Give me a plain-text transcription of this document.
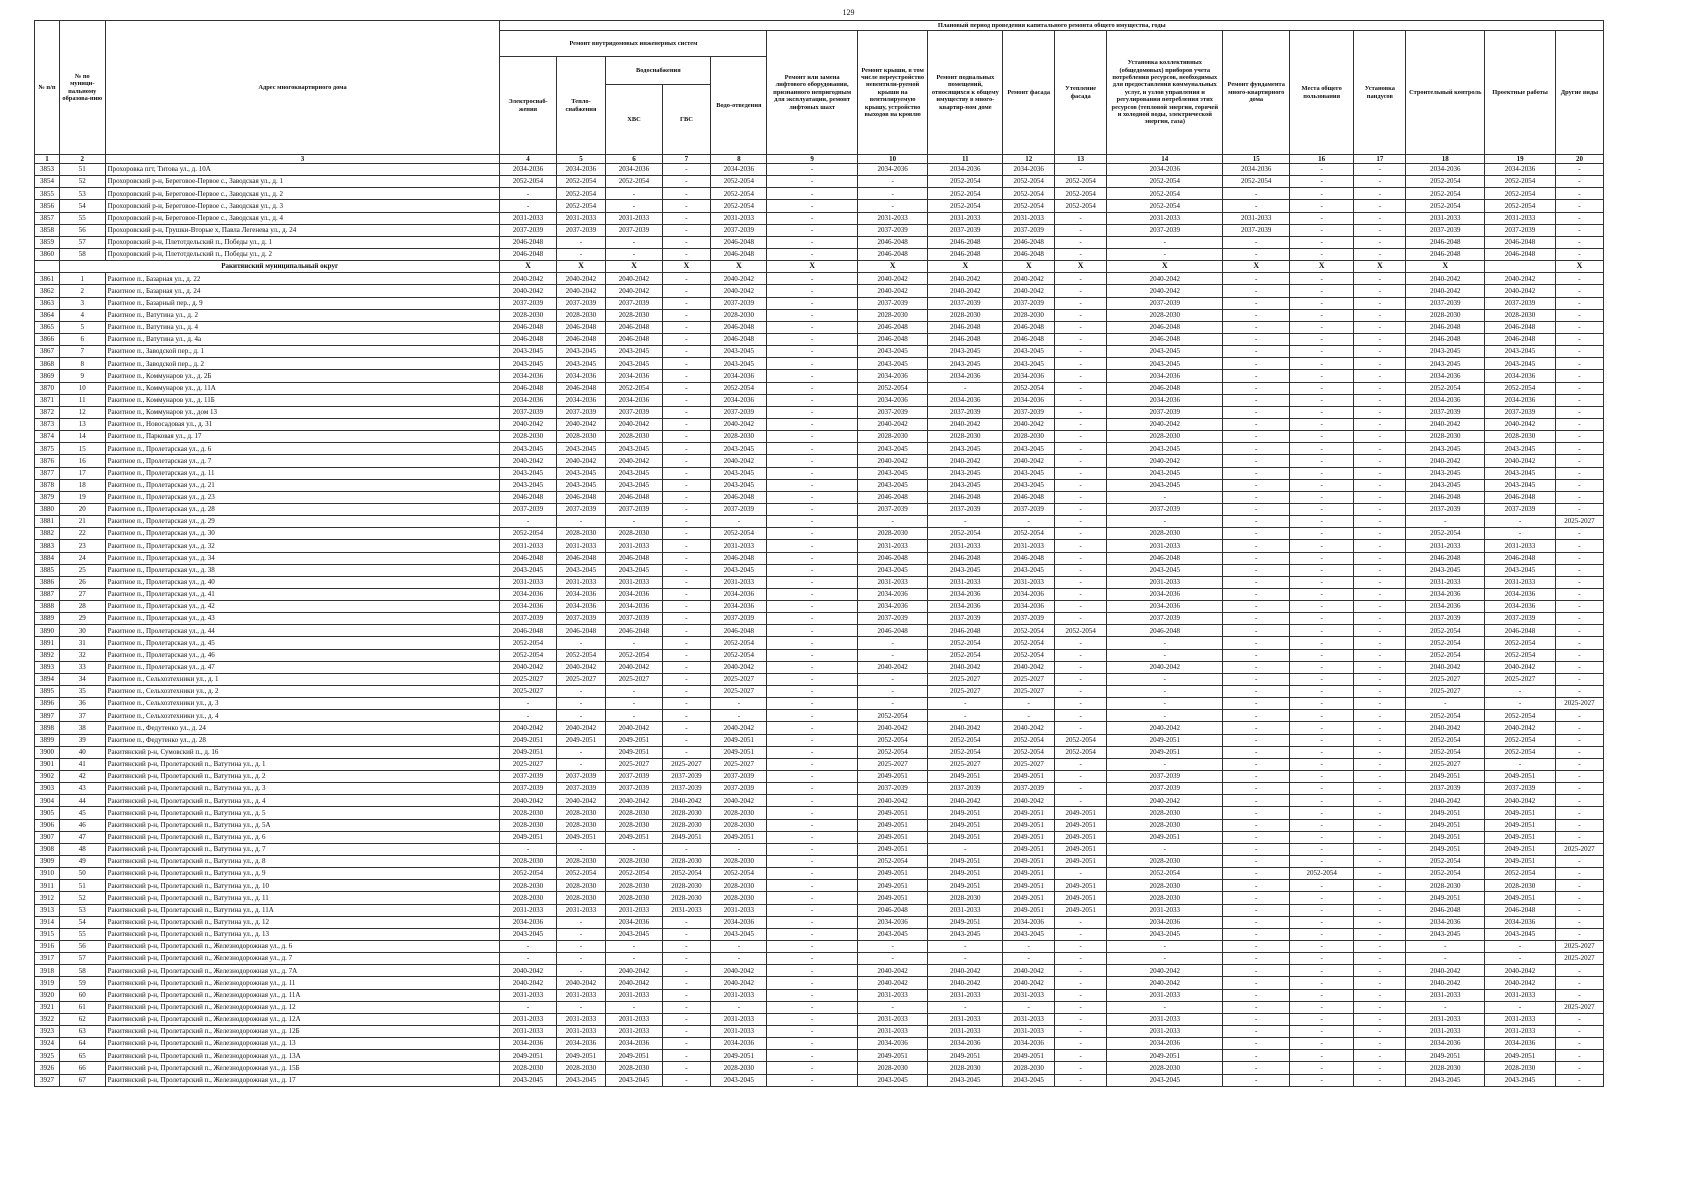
129
№ п/п	№ по муници-пальному образова-нию	Адрес многоквартирного дома	Плановый период проведения капитального ремонта общего имущества, годы																
			Ремонт внутридомовых инженерных систем					Ремонт или замена лифтового оборудования, признанного непригодным для эксплуатации, ремонт лифтовых шахт	Ремонт крыши, в том числе переустройство невентили-руемой крыши на вентилируемую крышу, устройство выходов на кровлю	Ремонт подвальных помещений, относящихся к общему имуществу в много-квартир-ном доме	Ремонт фасада	Утепление фасада	Установка коллективных (общедомовых) приборов учета потребления ресурсов, необходимых для предоставления коммунальных услуг, и узлов управления и регулирования потребления этих ресурсов (тепловой энергии, горячей и холодной воды, электрической энергии, газа)	Ремонт фундамента много-квартирного дома	Места общего пользования	Установка пандусов	Строительный контроль	Проектные работы	Другие виды
			Электроснаб-жения	Тепло-снабжения	Водоснабжения		Водо-отведения												
					ХВС	ГВС													
1	2	3	4	5	6	7	8	9	10	11	12	13	14	15	16	17	18	19	20
3853	51	Прохоровка пгт, Титова ул., д. 10А	2034-2036	2034-2036	2034-2036	-	2034-2036	-	2034-2036	2034-2036	2034-2036	-	2034-2036	2034-2036	-	-	2034-2036	2034-2036	-
3854	52	Прохоровский р-н, Береговое-Первое с., Заводская ул., д. 1	2052-2054	2052-2054	2052-2054	-	2052-2054	-	-	2052-2054	2052-2054	2052-2054	2052-2054	2052-2054	-	-	2052-2054	2052-2054	-
3855	53	Прохоровский р-н, Береговое-Первое с., Заводская ул., д. 2	-	2052-2054	-	-	2052-2054	-	-	2052-2054	2052-2054	2052-2054	2052-2054	-	-	-	2052-2054	2052-2054	-
3856	54	Прохоровский р-н, Береговое-Первое с., Заводская ул., д. 3	-	2052-2054	-	-	2052-2054	-	-	2052-2054	2052-2054	2052-2054	2052-2054	-	-	-	2052-2054	2052-2054	-
3857	55	Прохоровский р-н, Береговое-Первое с., Заводская ул., д. 4	2031-2033	2031-2033	2031-2033	-	2031-2033	-	2031-2033	2031-2033	2031-2033	-	2031-2033	2031-2033	-	-	2031-2033	2031-2033	-
3858	56	Прохоровский р-н, Грушки-Вторые х, Павла Легенева ул., д. 24	2037-2039	2037-2039	2037-2039	-	2037-2039	-	2037-2039	2037-2039	2037-2039	-	2037-2039	2037-2039	-	-	2037-2039	2037-2039	-
3859	57	Прохоровский р-н, Плетотдельский п., Победы ул., д. 1	2046-2048	-	-	-	2046-2048	-	2046-2048	2046-2048	2046-2048	-	-	-	-	-	2046-2048	2046-2048	-
3860	58	Прохоровский р-н, Плетотдельский п., Победы ул., д. 2	2046-2048	-	-	-	2046-2048	-	2046-2048	2046-2048	2046-2048	-	-	-	-	-	2046-2048	2046-2048	-
	Ракитянский муниципальный округ		X	X	X	X	X	X	X	X	X	X	X	X	X	X	X		X
3861	1	Ракитное п., Базарная ул., д. 22	2040-2042	2040-2042	2040-2042	-	2040-2042	-	2040-2042	2040-2042	2040-2042	-	2040-2042	-	-	-	2040-2042	2040-2042	-
3862	2	Ракитное п., Базарная ул., д. 24	2040-2042	2040-2042	2040-2042	-	2040-2042	-	2040-2042	2040-2042	2040-2042	-	2040-2042	-	-	-	2040-2042	2040-2042	-
3863	3	Ракитное п., Базарный пер., д. 9	2037-2039	2037-2039	2037-2039	-	2037-2039	-	2037-2039	2037-2039	2037-2039	-	2037-2039	-	-	-	2037-2039	2037-2039	-
3864	4	Ракитное п., Ватутина ул., д. 2	2028-2030	2028-2030	2028-2030	-	2028-2030	-	2028-2030	2028-2030	2028-2030	-	2028-2030	-	-	-	2028-2030	2028-2030	-
3865	5	Ракитное п., Ватутина ул., д. 4	2046-2048	2046-2048	2046-2048	-	2046-2048	-	2046-2048	2046-2048	2046-2048	-	2046-2048	-	-	-	2046-2048	2046-2048	-
3866	6	Ракитное п., Ватутина ул., д. 4а	2046-2048	2046-2048	2046-2048	-	2046-2048	-	2046-2048	2046-2048	2046-2048	-	2046-2048	-	-	-	2046-2048	2046-2048	-
3867	7	Ракитное п., Заводской пер., д. 1	2043-2045	2043-2045	2043-2045	-	2043-2045	-	2043-2045	2043-2045	2043-2045	-	2043-2045	-	-	-	2043-2045	2043-2045	-
3868	8	Ракитное п., Заводской пер., д. 2	2043-2045	2043-2045	2043-2045	-	2043-2045	-	2043-2045	2043-2045	2043-2045	-	2043-2045	-	-	-	2043-2045	2043-2045	-
3869	9	Ракитное п., Коммунаров ул., д. 2Б	2034-2036	2034-2036	2034-2036	-	2034-2036	-	2034-2036	2034-2036	2034-2036	-	2034-2036	-	-	-	2034-2036	2034-2036	-
3870	10	Ракитное п., Коммунаров ул., д. 11А	2046-2048	2046-2048	2052-2054	-	2052-2054	-	2052-2054	-	2052-2054	-	2046-2048	-	-	-	2052-2054	2052-2054	-
3871	11	Ракитное п., Коммунаров ул., д. 11Б	2034-2036	2034-2036	2034-2036	-	2034-2036	-	2034-2036	2034-2036	2034-2036	-	2034-2036	-	-	-	2034-2036	2034-2036	-
3872	12	Ракитное п., Коммунаров ул., дом 13	2037-2039	2037-2039	2037-2039	-	2037-2039	-	2037-2039	2037-2039	2037-2039	-	2037-2039	-	-	-	2037-2039	2037-2039	-
3873	13	Ракитное п., Новосадовая ул., д. 31	2040-2042	2040-2042	2040-2042	-	2040-2042	-	2040-2042	2040-2042	2040-2042	-	2040-2042	-	-	-	2040-2042	2040-2042	-
3874	14	Ракитное п., Парковая ул., д. 17	2028-2030	2028-2030	2028-2030	-	2028-2030	-	2028-2030	2028-2030	2028-2030	-	2028-2030	-	-	-	2028-2030	2028-2030	-
3875	15	Ракитное п., Пролетарская ул., д. 6	2043-2045	2043-2045	2043-2045	-	2043-2045	-	2043-2045	2043-2045	2043-2045	-	2043-2045	-	-	-	2043-2045	2043-2045	-
3876	16	Ракитное п., Пролетарская ул., д. 7	2040-2042	2040-2042	2040-2042	-	2040-2042	-	2040-2042	2040-2042	2040-2042	-	2040-2042	-	-	-	2040-2042	2040-2042	-
3877	17	Ракитное п., Пролетарская ул., д. 11	2043-2045	2043-2045	2043-2045	-	2043-2045	-	2043-2045	2043-2045	2043-2045	-	2043-2045	-	-	-	2043-2045	2043-2045	-
3878	18	Ракитное п., Пролетарская ул., д. 21	2043-2045	2043-2045	2043-2045	-	2043-2045	-	2043-2045	2043-2045	2043-2045	-	2043-2045	-	-	-	2043-2045	2043-2045	-
3879	19	Ракитное п., Пролетарская ул., д. 23	2046-2048	2046-2048	2046-2048	-	2046-2048	-	2046-2048	2046-2048	2046-2048	-	-	-	-	-	2046-2048	2046-2048	-
3880	20	Ракитное п., Пролетарская ул., д. 28	2037-2039	2037-2039	2037-2039	-	2037-2039	-	2037-2039	2037-2039	2037-2039	-	2037-2039	-	-	-	2037-2039	2037-2039	-
3881	21	Ракитное п., Пролетарская ул., д. 29	-	-	-	-	-	-	-	-	-	-	-	-	-	-	-	-	2025-2027
3882	22	Ракитное п., Пролетарская ул., д. 30	2052-2054	2028-2030	2028-2030	-	2052-2054	-	2028-2030	2052-2054	2052-2054	-	2028-2030	-	-	-	2052-2054	-	-
3883	23	Ракитное п., Пролетарская ул., д. 32	2031-2033	2031-2033	2031-2033	-	2031-2033	-	2031-2033	2031-2033	2031-2033	-	2031-2033	-	-	-	2031-2033	2031-2033	-
3884	24	Ракитное п., Пролетарская ул., д. 34	2046-2048	2046-2048	2046-2048	-	2046-2048	-	2046-2048	2046-2048	2046-2048	-	2046-2048	-	-	-	2046-2048	2046-2048	-
3885	25	Ракитное п., Пролетарская ул., д. 38	2043-2045	2043-2045	2043-2045	-	2043-2045	-	2043-2045	2043-2045	2043-2045	-	2043-2045	-	-	-	2043-2045	2043-2045	-
3886	26	Ракитное п., Пролетарская ул., д. 40	2031-2033	2031-2033	2031-2033	-	2031-2033	-	2031-2033	2031-2033	2031-2033	-	2031-2033	-	-	-	2031-2033	2031-2033	-
3887	27	Ракитное п., Пролетарская ул., д. 41	2034-2036	2034-2036	2034-2036	-	2034-2036	-	2034-2036	2034-2036	2034-2036	-	2034-2036	-	-	-	2034-2036	2034-2036	-
3888	28	Ракитное п., Пролетарская ул., д. 42	2034-2036	2034-2036	2034-2036	-	2034-2036	-	2034-2036	2034-2036	2034-2036	-	2034-2036	-	-	-	2034-2036	2034-2036	-
3889	29	Ракитное п., Пролетарская ул., д. 43	2037-2039	2037-2039	2037-2039	-	2037-2039	-	2037-2039	2037-2039	2037-2039	-	2037-2039	-	-	-	2037-2039	2037-2039	-
3890	30	Ракитное п., Пролетарская ул., д. 44	2046-2048	2046-2048	2046-2048	-	2046-2048	-	2046-2048	2046-2048	2052-2054	2052-2054	2046-2048	-	-	-	2052-2054	2046-2048	-
3891	31	Ракитное п., Пролетарская ул., д. 45	2052-2054	-	-	-	2052-2054	-	-	2052-2054	2052-2054	-	-	-	-	-	2052-2054	2052-2054	-
3892	32	Ракитное п., Пролетарская ул., д. 46	2052-2054	2052-2054	2052-2054	-	2052-2054	-	-	2052-2054	2052-2054	-	-	-	-	-	2052-2054	2052-2054	-
3893	33	Ракитное п., Пролетарская ул., д. 47	2040-2042	2040-2042	2040-2042	-	2040-2042	-	2040-2042	2040-2042	2040-2042	-	2040-2042	-	-	-	2040-2042	2040-2042	-
3894	34	Ракитное п., Сельхозтехники ул., д. 1	2025-2027	2025-2027	2025-2027	-	2025-2027	-	-	2025-2027	2025-2027	-	-	-	-	-	2025-2027	2025-2027	-
3895	35	Ракитное п., Сельхозтехники ул., д. 2	2025-2027	-	-	-	2025-2027	-	-	2025-2027	2025-2027	-	-	-	-	-	2025-2027	-	-
3896	36	Ракитное п., Сельхозтехники ул., д. 3	-	-	-	-	-	-	-	-	-	-	-	-	-	-	-	-	2025-2027
3897	37	Ракитное п., Сельхозтехники ул., д. 4	-	-	-	-	-	-	2052-2054	-	-	-	-	-	-	-	2052-2054	2052-2054	-
3898	38	Ракитное п., Федутенко ул., д. 24	2040-2042	2040-2042	2040-2042	-	2040-2042	-	2040-2042	2040-2042	2040-2042	-	2040-2042	-	-	-	2040-2042	2040-2042	-
3899	39	Ракитное п., Федутенко ул., д. 28	2049-2051	2049-2051	2049-2051	-	2049-2051	-	2052-2054	2052-2054	2052-2054	2052-2054	2049-2051	-	-	-	2052-2054	2052-2054	-
3900	40	Ракитянский р-н, Сумовский п., д. 16	2049-2051	-	2049-2051	-	2049-2051	-	2052-2054	2052-2054	2052-2054	2052-2054	2049-2051	-	-	-	2052-2054	2052-2054	-
3901	41	Ракитянский р-н, Пролетарский п., Ватутина ул., д. 1	2025-2027	-	2025-2027	2025-2027	2025-2027	-	2025-2027	2025-2027	2025-2027	-	-	-	-	-	2025-2027	-	-
3902	42	Ракитянский р-н, Пролетарский п., Ватутина ул., д. 2	2037-2039	2037-2039	2037-2039	2037-2039	2037-2039	-	2049-2051	2049-2051	2049-2051	-	2037-2039	-	-	-	2049-2051	2049-2051	-
3903	43	Ракитянский р-н, Пролетарский п., Ватутина ул., д. 3	2037-2039	2037-2039	2037-2039	2037-2039	2037-2039	-	2037-2039	2037-2039	2037-2039	-	2037-2039	-	-	-	2037-2039	2037-2039	-
3904	44	Ракитянский р-н, Пролетарский п., Ватутина ул., д. 4	2040-2042	2040-2042	2040-2042	2040-2042	2040-2042	-	2040-2042	2040-2042	2040-2042	-	2040-2042	-	-	-	2040-2042	2040-2042	-
3905	45	Ракитянский р-н, Пролетарский п., Ватутина ул., д. 5	2028-2030	2028-2030	2028-2030	2028-2030	2028-2030	-	2049-2051	2049-2051	2049-2051	2049-2051	2028-2030	-	-	-	2049-2051	2049-2051	-
3906	46	Ракитянский р-н, Пролетарский п., Ватутина ул., д. 5А	2028-2030	2028-2030	2028-2030	2028-2030	2028-2030	-	2049-2051	2049-2051	2049-2051	2049-2051	2028-2030	-	-	-	2049-2051	2049-2051	-
3907	47	Ракитянский р-н, Пролетарский п., Ватутина ул., д. 6	2049-2051	2049-2051	2049-2051	2049-2051	2049-2051	-	2049-2051	2049-2051	2049-2051	2049-2051	2049-2051	-	-	-	2049-2051	2049-2051	-
3908	48	Ракитянский р-н, Пролетарский п., Ватутина ул., д. 7	-	-	-	-	-	-	2049-2051	-	2049-2051	2049-2051	-	-	-	-	2049-2051	2049-2051	2025-2027
3909	49	Ракитянский р-н, Пролетарский п., Ватутина ул., д. 8	2028-2030	2028-2030	2028-2030	2028-2030	2028-2030	-	2052-2054	2049-2051	2049-2051	2049-2051	2028-2030	-	-	-	2052-2054	2049-2051	-
3910	50	Ракитянский р-н, Пролетарский п., Ватутина ул., д. 9	2052-2054	2052-2054	2052-2054	2052-2054	2052-2054	-	2049-2051	2049-2051	2049-2051	-	2052-2054	-	2052-2054	-	2052-2054	2052-2054	-
3911	51	Ракитянский р-н, Пролетарский п., Ватутина ул., д. 10	2028-2030	2028-2030	2028-2030	2028-2030	2028-2030	-	2049-2051	2049-2051	2049-2051	2049-2051	2028-2030	-	-	-	2028-2030	2028-2030	-
3912	52	Ракитянский р-н, Пролетарский п., Ватутина ул., д. 11	2028-2030	2028-2030	2028-2030	2028-2030	2028-2030	-	2049-2051	2028-2030	2049-2051	2049-2051	2028-2030	-	-	-	2049-2051	2049-2051	-
3913	53	Ракитянский р-н, Пролетарский п., Ватутина ул., д. 11А	2031-2033	2031-2033	2031-2033	2031-2033	2031-2033	-	2046-2048	2031-2033	2049-2051	2049-2051	2031-2033	-	-	-	2046-2048	2046-2048	-
3914	54	Ракитянский р-н, Пролетарский п., Ватутина ул., д. 12	2034-2036	-	2034-2036	-	2034-2036	-	2034-2036	2049-2051	2034-2036	-	2034-2036	-	-	-	2034-2036	2034-2036	-
3915	55	Ракитянский р-н, Пролетарский п., Ватутина ул., д. 13	2043-2045	-	2043-2045	-	2043-2045	-	2043-2045	2043-2045	2043-2045	-	2043-2045	-	-	-	2043-2045	2043-2045	-
3916	56	Ракитянский р-н, Пролетарский п., Железнодорожная ул., д. 6	-	-	-	-	-	-	-	-	-	-	-	-	-	-	-	-	2025-2027
3917	57	Ракитянский р-н, Пролетарский п., Железнодорожная ул., д. 7	-	-	-	-	-	-	-	-	-	-	-	-	-	-	-	-	2025-2027
3918	58	Ракитянский р-н, Пролетарский п., Железнодорожная ул., д. 7А	2040-2042	-	2040-2042	-	2040-2042	-	2040-2042	2040-2042	2040-2042	-	2040-2042	-	-	-	2040-2042	2040-2042	-
3919	59	Ракитянский р-н, Пролетарский п., Железнодорожная ул., д. 11	2040-2042	2040-2042	2040-2042	-	2040-2042	-	2040-2042	2040-2042	2040-2042	-	2040-2042	-	-	-	2040-2042	2040-2042	-
3920	60	Ракитянский р-н, Пролетарский п., Железнодорожная ул., д. 11А	2031-2033	2031-2033	2031-2033	-	2031-2033	-	2031-2033	2031-2033	2031-2033	-	2031-2033	-	-	-	2031-2033	2031-2033	-
3921	61	Ракитянский р-н, Пролетарский п., Железнодорожная ул., д. 12	-	-	-	-	-	-	-	-	-	-	-	-	-	-	-	-	2025-2027
3922	62	Ракитянский р-н, Пролетарский п., Железнодорожная ул., д. 12А	2031-2033	2031-2033	2031-2033	-	2031-2033	-	2031-2033	2031-2033	2031-2033	-	2031-2033	-	-	-	2031-2033	2031-2033	-
3923	63	Ракитянский р-н, Пролетарский п., Железнодорожная ул., д. 12Б	2031-2033	2031-2033	2031-2033	-	2031-2033	-	2031-2033	2031-2033	2031-2033	-	2031-2033	-	-	-	2031-2033	2031-2033	-
3924	64	Ракитянский р-н, Пролетарский п., Железнодорожная ул., д. 13	2034-2036	2034-2036	2034-2036	-	2034-2036	-	2034-2036	2034-2036	2034-2036	-	2034-2036	-	-	-	2034-2036	2034-2036	-
3925	65	Ракитянский р-н, Пролетарский п., Железнодорожная ул., д. 13А	2049-2051	2049-2051	2049-2051	-	2049-2051	-	2049-2051	2049-2051	2049-2051	-	2049-2051	-	-	-	2049-2051	2049-2051	-
3926	66	Ракитянский р-н, Пролетарский п., Железнодорожная ул., д. 15Б	2028-2030	2028-2030	2028-2030	-	2028-2030	-	2028-2030	2028-2030	2028-2030	-	2028-2030	-	-	-	2028-2030	2028-2030	-
3927	67	Ракитянский р-н, Пролетарский п., Железнодорожная ул., д. 17	2043-2045	2043-2045	2043-2045	-	2043-2045	-	2043-2045	2043-2045	2043-2045	-	2043-2045	-	-	-	2043-2045	2043-2045	-
